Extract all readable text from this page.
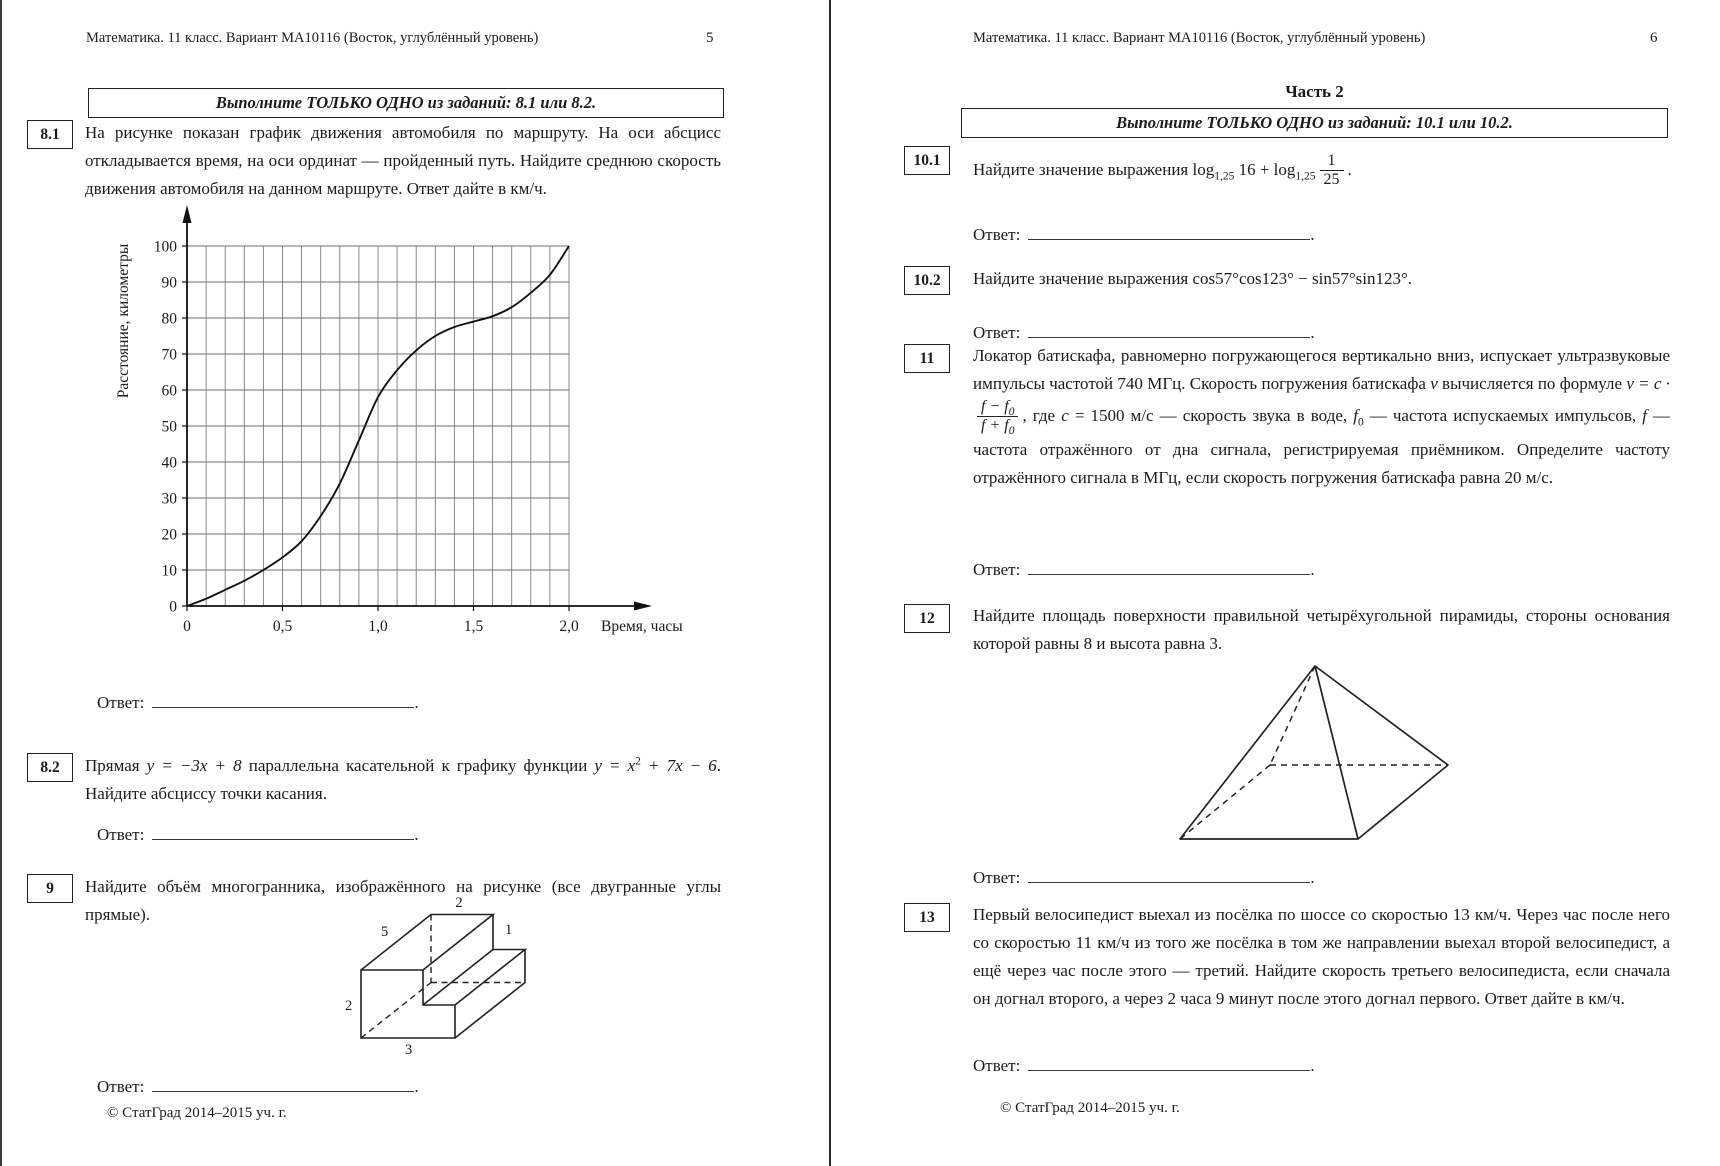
Математика. 11 класс. Вариант МА10116 (Восток, углублённый уровень)	5
Выполните ТОЛЬКО ОДНО из заданий: 8.1 или 8.2.
8.1 На рисунке показан график движения автомобиля по маршруту. На оси абсцисс откладывается время, на оси ординат — пройденный путь. Найдите среднюю скорость движения автомобиля на данном маршруте. Ответ дайте в км/ч.
0
10
20
30
40
50
60
70
80
90
100
0	0,5	1,0	1,5	2,0 Время, часы
Расстояние, километры
Ответ:	.
8.2 Прямая y = −3x + 8 параллельна касательной к графику функции $y = x^2 + 7x - 6$. Найдите абсциссу точки касания.
Ответ:	.
9 Найдите объём многогранника, изображённого на рисунке (все двугранные углы прямые).
2
1
5
2
3
Ответ:	.
© СтатГрад 2014–2015 уч. г.
Математика. 11 класс. Вариант МА10116 (Восток, углублённый уровень)	6
Часть 2
Выполните ТОЛЬКО ОДНО из заданий: 10.1 или 10.2.
10.1 Найдите значение выражения $\log_{1,25} 16 + \log_{1,25} \frac{1}{25}$ .
Ответ:	.
10.2 Найдите значение выражения cos57°cos123° − sin57°sin123°.
Ответ:	.
11 Локатор батискафа, равномерно погружающегося вертикально вниз, испускает ультразвуковые импульсы частотой 740 МГц. Скорость погружения батискафа v вычисляется по формуле v = c ·
$\frac{f - f_0}{f + f_0}$ , где c = 1500 м/с — скорость звука в воде, $f_0$ — частота испускаемых импульсов, f — частота отражённого от дна сигнала, регистрируемая приёмником. Определите частоту отражённого сигнала в МГц, если скорость погружения батискафа равна 20 м/с.
Ответ:	.
12 Найдите площадь поверхности правильной четырёхугольной пирамиды, стороны основания которой равны 8 и высота равна 3.
Ответ:	.
13 Первый велосипедист выехал из посёлка по шоссе со скоростью 13 км/ч. Через час после него со скоростью 11 км/ч из того же посёлка в том же направлении выехал второй велосипедист, а ещё через час после этого — третий. Найдите скорость третьего велосипедиста, если сначала он догнал второго, а через 2 часа 9 минут после этого догнал первого. Ответ дайте в км/ч.
Ответ:	.
© СтатГрад 2014–2015 уч. г.
